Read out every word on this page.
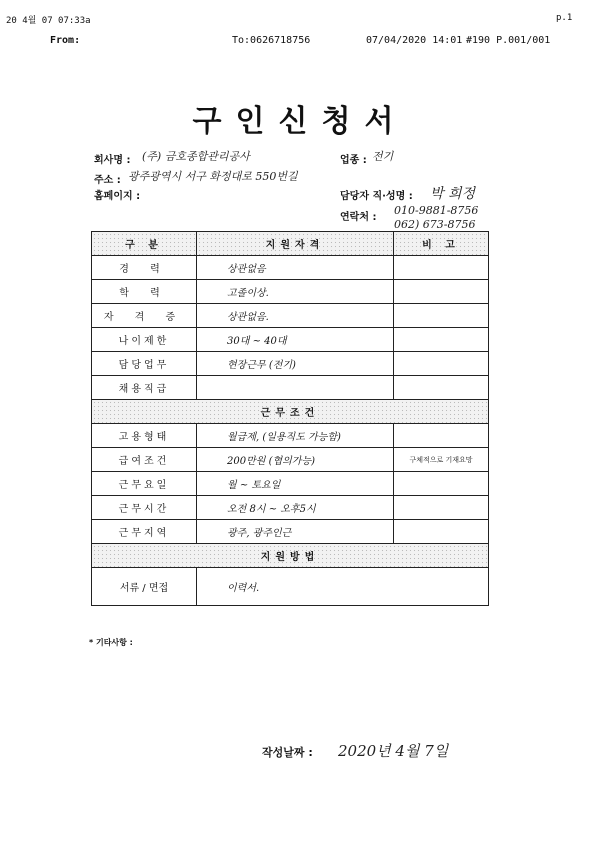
20 4월 07 07:33a	p.1
From:	To:0626718756	07/04/2020 14:01 #190 P.001/001
구인신청서
회사명 : (주) 금호종합관리공사
주소 : 광주광역시 서구 화정대로 550번길
홈페이지 :
업종 : 전기
담당자 직·성명 : 박 희정
연락처 :
010-9881-8756
062) 673-8756
구 분	지원자격	비 고
경 력	상관없음	
학 력	고졸이상.	
자 격 증	상관없음.	
나이제한	30대 ~ 40대	
담당업무	현장근무 (전기)	
채용직급		
근무조건		
고용형태	월급제, (일용직도 가능함)	
급여조건	200만원 (협의가능)	구체적으로 기재요망
근무요일	월 ~ 토요일	
근무시간	오전 8시 ~ 오후5시	
근무지역	광주, 광주인근	
지원방법		
서류 / 면접	이력서.	
* 기타사항 :
작성날짜 : 2020년 4월 7일
